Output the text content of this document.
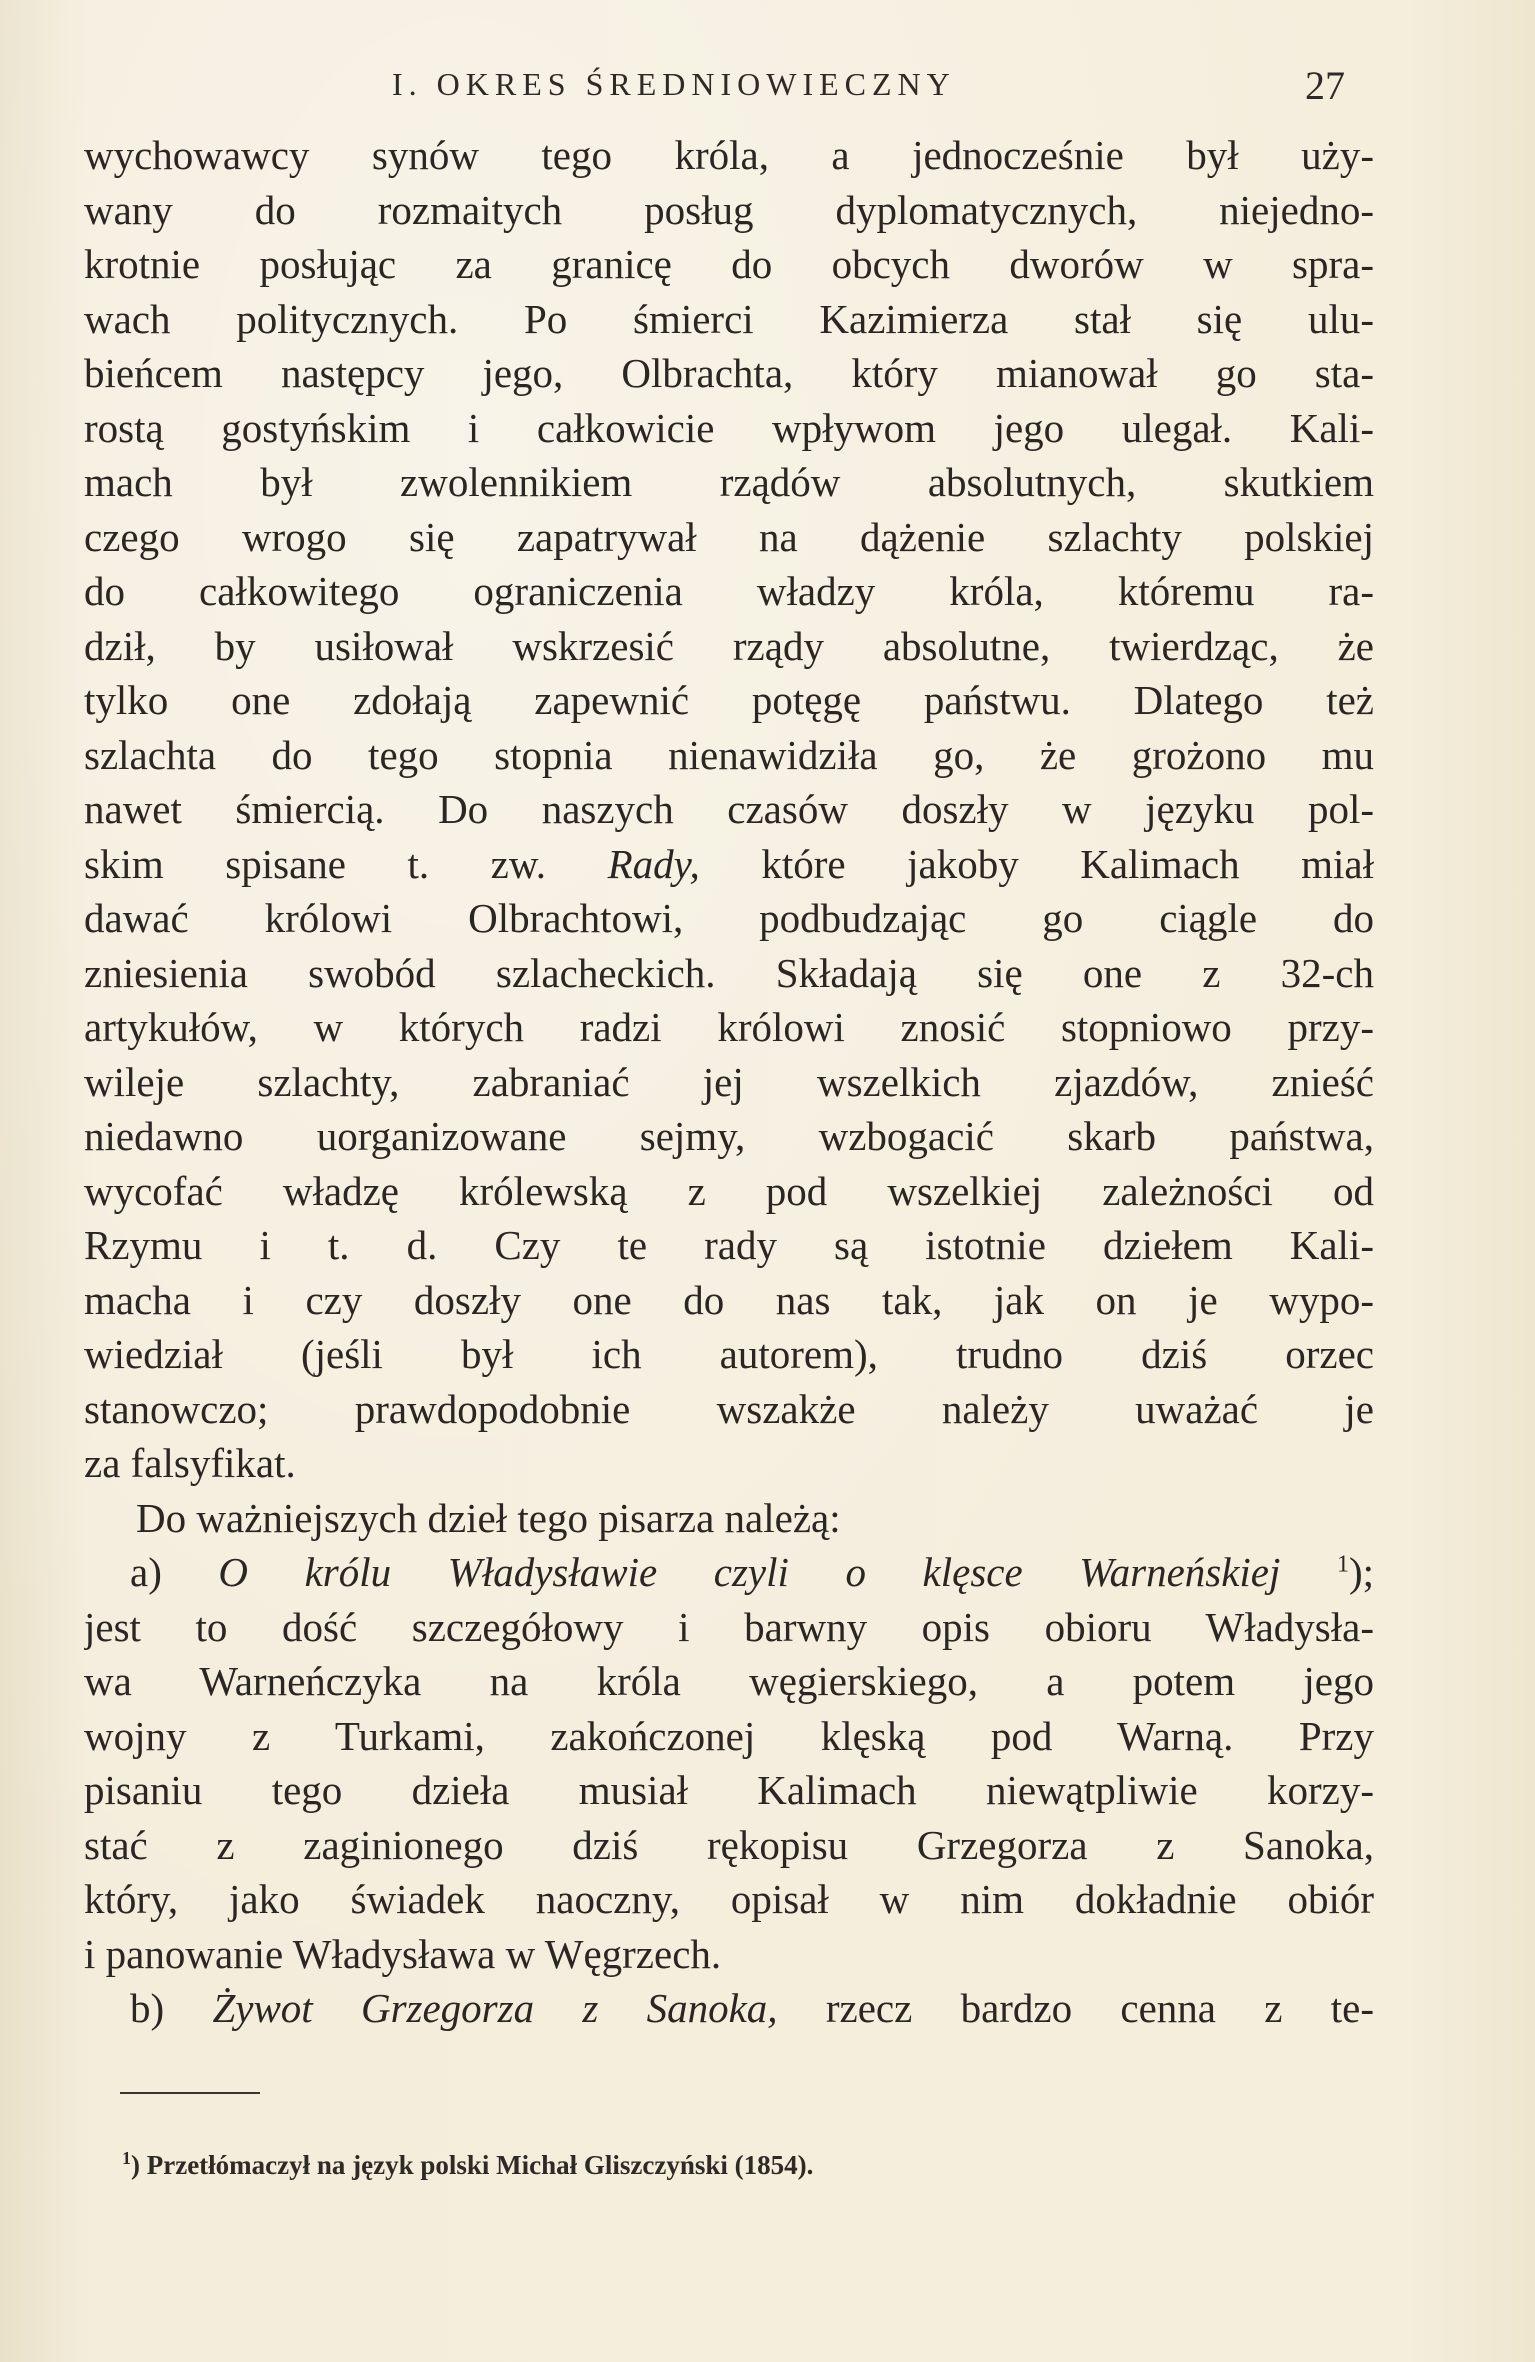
I. OKRES ŚREDNIOWIECZNY	27
wychowawcy synów tego króla, a jednocześnie był uży-
wany do rozmaitych posług dyplomatycznych, niejedno-
krotnie posłując za granicę do obcych dworów w spra-
wach politycznych. Po śmierci Kazimierza stał się ulu-
bieńcem następcy jego, Olbrachta, który mianował go sta-
rostą gostyńskim i całkowicie wpływom jego ulegał. Kali-
mach był zwolennikiem rządów absolutnych, skutkiem
czego wrogo się zapatrywał na dążenie szlachty polskiej
do całkowitego ograniczenia władzy króla, któremu ra-
dził, by usiłował wskrzesić rządy absolutne, twierdząc, że
tylko one zdołają zapewnić potęgę państwu. Dlatego też
szlachta do tego stopnia nienawidziła go, że grożono mu
nawet śmiercią. Do naszych czasów doszły w języku pol-
skim spisane t. zw. Rady, które jakoby Kalimach miał
dawać królowi Olbrachtowi, podbudzając go ciągle do
zniesienia swobód szlacheckich. Składają się one z 32-ch
artykułów, w których radzi królowi znosić stopniowo przy-
wileje szlachty, zabraniać jej wszelkich zjazdów, znieść
niedawno uorganizowane sejmy, wzbogacić skarb państwa,
wycofać władzę królewską z pod wszelkiej zależności od
Rzymu i t. d. Czy te rady są istotnie dziełem Kali-
macha i czy doszły one do nas tak, jak on je wypo-
wiedział (jeśli był ich autorem), trudno dziś orzec
stanowczo; prawdopodobnie wszakże należy uważać je
za falsyfikat.
Do ważniejszych dzieł tego pisarza należą:
a) O królu Władysławie czyli o klęsce Warneńskiej $^1$);
jest to dość szczegółowy i barwny opis obioru Władysła-
wa Warneńczyka na króla węgierskiego, a potem jego
wojny z Turkami, zakończonej klęską pod Warną. Przy
pisaniu tego dzieła musiał Kalimach niewątpliwie korzy-
stać z zaginionego dziś rękopisu Grzegorza z Sanoka,
który, jako świadek naoczny, opisał w nim dokładnie obiór
i panowanie Władysława w Węgrzech.
b) Żywot Grzegorza z Sanoka, rzecz bardzo cenna z te-
$^1$) Przetłómaczył na język polski Michał Gliszczyński (1854).
